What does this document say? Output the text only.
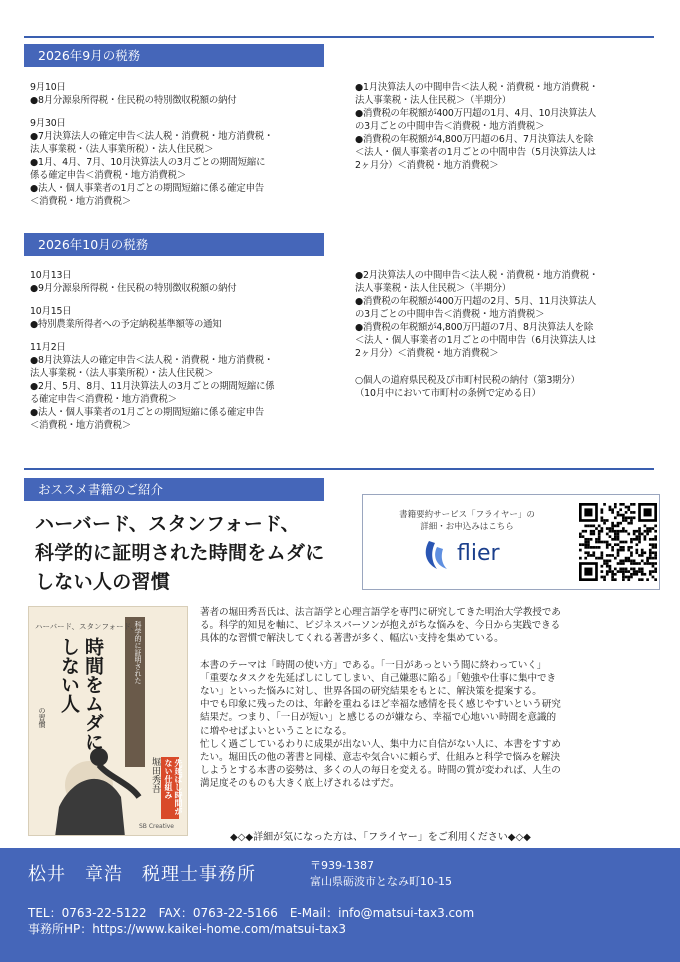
2026年9月の税務

9月10日

●8月分源泉所得税・住民税の特別徴収税額の納付

9月30日

●7月決算法人の確定申告＜法人税・消費税・地方消費税・
法人事業税・（法人事業所税）・法人住民税＞
●1月、4月、7月、10月決算法人の3月ごとの期間短縮に
係る確定申告＜消費税・地方消費税＞
●法人・個人事業者の1月ごとの期間短縮に係る確定申告
＜消費税・地方消費税＞

●1月決算法人の中間申告＜法人税・消費税・地方消費税・
法人事業税・法人住民税＞（半期分）
●消費税の年税額が400万円超の1月、4月、10月決算法人
の3月ごとの中間申告＜消費税・地方消費税＞
●消費税の年税額が4,800万円超の6月、7月決算法人を除
＜法人・個人事業者の1月ごとの中間申告（5月決算法人は
2ヶ月分）＜消費税・地方消費税＞

2026年10月の税務

10月13日

●9月分源泉所得税・住民税の特別徴収税額の納付

10月15日

●特別農業所得者への予定納税基準額等の通知

11月2日

●8月決算法人の確定申告＜法人税・消費税・地方消費税・
法人事業税・（法人事業所税）・法人住民税＞
●2月、5月、8月、11月決算法人の3月ごとの期間短縮に係
る確定申告＜消費税・地方消費税＞
●法人・個人事業者の1月ごとの期間短縮に係る確定申告
＜消費税・地方消費税＞

●2月決算法人の中間申告＜法人税・消費税・地方消費税・
法人事業税・法人住民税＞（半期分）
●消費税の年税額が400万円超の2月、5月、11月決算法人
の3月ごとの中間申告＜消費税・地方消費税＞
●消費税の年税額が4,800万円超の7月、8月決算法人を除
＜法人・個人事業者の1月ごとの中間申告（6月決算法人は
2ヶ月分）＜消費税・地方消費税＞

○個人の道府県民税及び市町村民税の納付（第3期分）
（10月中において市町村の条例で定める日）

おススメ書籍のご紹介
ハーバード、スタンフォード、
科学的に証明された時間をムダに
しない人の習慣
書籍要約サービス「フライヤー」の
詳細・お申込みはこちら
flier
ハーバード、スタンフォード、
科学的に証明された
時間をムダにしない人
の習慣
堀田秀吾	先延ばし時間がない仕組み
SB Creative

著者の堀田秀吾氏は、法言語学と心理言語学を専門に研究してきた明治大学教授であ
る。科学的知見を軸に、ビジネスパーソンが抱えがちな悩みを、今日から実践できる
具体的な習慣で解決してくれる著書が多く、幅広い支持を集めている。

本書のテーマは「時間の使い方」である。「一日があっという間に終わっていく」
「重要なタスクを先延ばしにしてしまい、自己嫌悪に陥る」「勉強や仕事に集中でき
ない」といった悩みに対し、世界各国の研究結果をもとに、解決策を提案する。
中でも印象に残ったのは、年齢を重ねるほど幸福な感情を長く感じやすいという研究
結果だ。つまり、「一日が短い」と感じるのが嫌なら、幸福で心地いい時間を意識的
に増やせばよいということになる。
忙しく過ごしているわりに成果が出ない人、集中力に自信がない人に、本書をすすめ
たい。堀田氏の他の著書と同様、意志や気合いに頼らず、仕組みと科学で悩みを解決
しようとする本書の姿勢は、多くの人の毎日を変える。時間の質が変われば、人生の
満足度そのものも大きく底上げされるはずだ。

◆◇◆詳細が気になった方は、「フライヤー」をご利用ください◆◇◆
松井　章浩　税理士事務所	〒939-1387
富山県砺波市となみ町10-15
TEL：0763-22-5122　FAX：0763-22-5166　E-Mail：info@matsui-tax3.com
事務所HP：https://www.kaikei-home.com/matsui-tax3
